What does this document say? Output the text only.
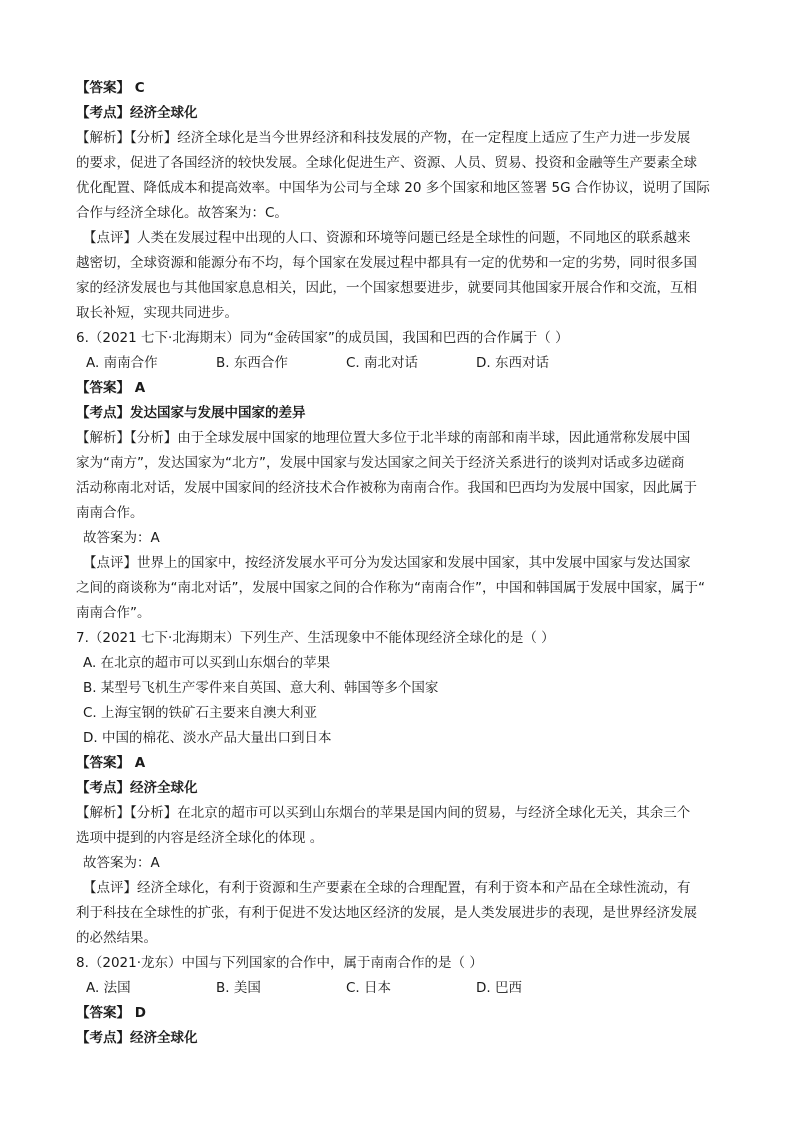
【答案】 C
【考点】经济全球化
【解析】【分析】经济全球化是当今世界经济和科技发展的产物，在一定程度上适应了生产力进一步发展
的要求，促进了各国经济的较快发展。全球化促进生产、资源、人员、贸易、投资和金融等生产要素全球
优化配置、降低成本和提高效率。中国华为公司与全球 20 多个国家和地区签署 5G 合作协议，说明了国际
合作与经济全球化。故答案为：C。
【点评】人类在发展过程中出现的人口、资源和环境等问题已经是全球性的问题，不同地区的联系越来
越密切，全球资源和能源分布不均，每个国家在发展过程中都具有一定的优势和一定的劣势，同时很多国
家的经济发展也与其他国家息息相关，因此，一个国家想要进步，就要同其他国家开展合作和交流，互相
取长补短，实现共同进步。
6.（2021 七下·北海期末）同为“金砖国家”的成员国，我国和巴西的合作属于（ ）
【答案】 A
【考点】发达国家与发展中国家的差异
【解析】【分析】由于全球发展中国家的地理位置大多位于北半球的南部和南半球，因此通常称发展中国
家为“南方”，发达国家为“北方”，发展中国家与发达国家之间关于经济关系进行的谈判对话或多边磋商
活动称南北对话，发展中国家间的经济技术合作被称为南南合作。我国和巴西均为发展中国家，因此属于
南南合作。
故答案为：A
【点评】世界上的国家中，按经济发展水平可分为发达国家和发展中国家，其中发展中国家与发达国家
之间的商谈称为“南北对话”，发展中国家之间的合作称为“南南合作”，中国和韩国属于发展中国家，属于“
南南合作”。
7.（2021 七下·北海期末）下列生产、生活现象中不能体现经济全球化的是（ ）
A. 在北京的超市可以买到山东烟台的苹果
B. 某型号飞机生产零件来自英国、意大利、韩国等多个国家
C. 上海宝钢的铁矿石主要来自澳大利亚
D. 中国的棉花、淡水产品大量出口到日本
【答案】 A
【考点】经济全球化
【解析】【分析】在北京的超市可以买到山东烟台的苹果是国内间的贸易，与经济全球化无关，其余三个
选项中提到的内容是经济全球化的体现 。
故答案为：A
【点评】经济全球化，有利于资源和生产要素在全球的合理配置，有利于资本和产品在全球性流动，有
利于科技在全球性的扩张，有利于促进不发达地区经济的发展，是人类发展进步的表现，是世界经济发展
的必然结果。
8.（2021·龙东）中国与下列国家的合作中，属于南南合作的是（ ）
【答案】 D
【考点】经济全球化
A. 南南合作	B. 东西合作	C. 南北对话	D. 东西对话
A. 法国	B. 美国	C. 日本	D. 巴西
